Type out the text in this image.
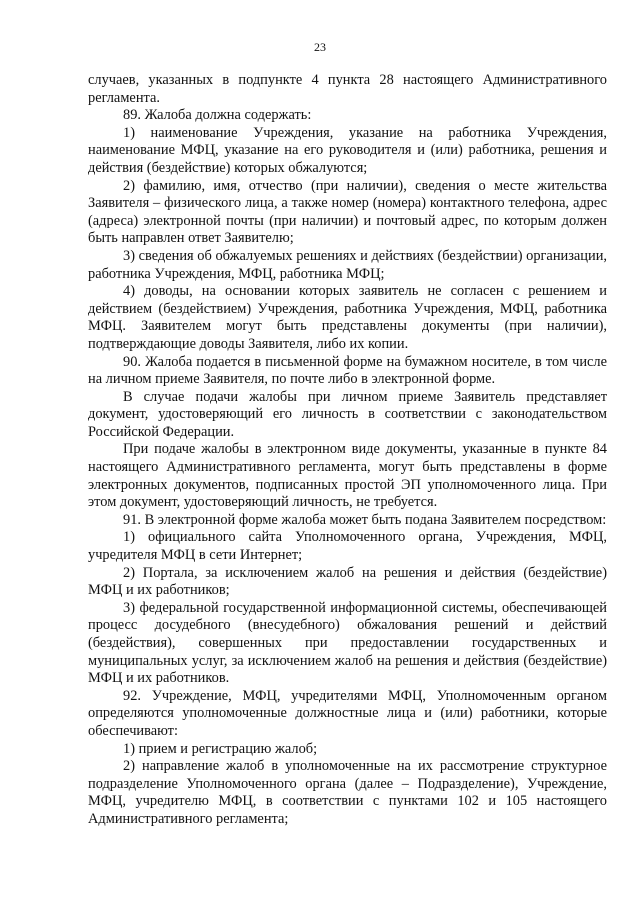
23

случаев, указанных в подпункте 4 пункта 28 настоящего Административного регламента.

89. Жалоба должна содержать:

1) наименование Учреждения, указание на работника Учреждения, наименование МФЦ, указание на его руководителя и (или) работника, решения и действия (бездействие) которых обжалуются;

2) фамилию, имя, отчество (при наличии), сведения о месте жительства Заявителя – физического лица, а также номер (номера) контактного телефона, адрес (адреса) электронной почты (при наличии) и почтовый адрес, по которым должен быть направлен ответ Заявителю;

3) сведения об обжалуемых решениях и действиях (бездействии) организации, работника Учреждения, МФЦ, работника МФЦ;

4) доводы, на основании которых заявитель не согласен с решением и действием (бездействием) Учреждения, работника Учреждения, МФЦ, работника МФЦ. Заявителем могут быть представлены документы (при наличии), подтверждающие доводы Заявителя, либо их копии.

90. Жалоба подается в письменной форме на бумажном носителе, в том числе на личном приеме Заявителя, по почте либо в электронной форме.

В случае подачи жалобы при личном приеме Заявитель представляет документ, удостоверяющий его личность в соответствии с законодательством Российской Федерации.

При подаче жалобы в электронном виде документы, указанные в пункте 84 настоящего Административного регламента, могут быть представлены в форме электронных документов, подписанных простой ЭП уполномоченного лица. При этом документ, удостоверяющий личность, не требуется.

91. В электронной форме жалоба может быть подана Заявителем посредством:

1) официального сайта Уполномоченного органа, Учреждения, МФЦ, учредителя МФЦ в сети Интернет;

2) Портала, за исключением жалоб на решения и действия (бездействие) МФЦ и их работников;

3) федеральной государственной информационной системы, обеспечивающей процесс досудебного (внесудебного) обжалования решений и действий (бездействия), совершенных при предоставлении государственных и муниципальных услуг, за исключением жалоб на решения и действия (бездействие) МФЦ и их работников.

92. Учреждение, МФЦ, учредителями МФЦ, Уполномоченным органом определяются уполномоченные должностные лица и (или) работники, которые обеспечивают:

1) прием и регистрацию жалоб;

2) направление жалоб в уполномоченные на их рассмотрение структурное подразделение Уполномоченного органа (далее – Подразделение), Учреждение, МФЦ, учредителю МФЦ, в соответствии с пунктами 102 и 105 настоящего Административного регламента;
